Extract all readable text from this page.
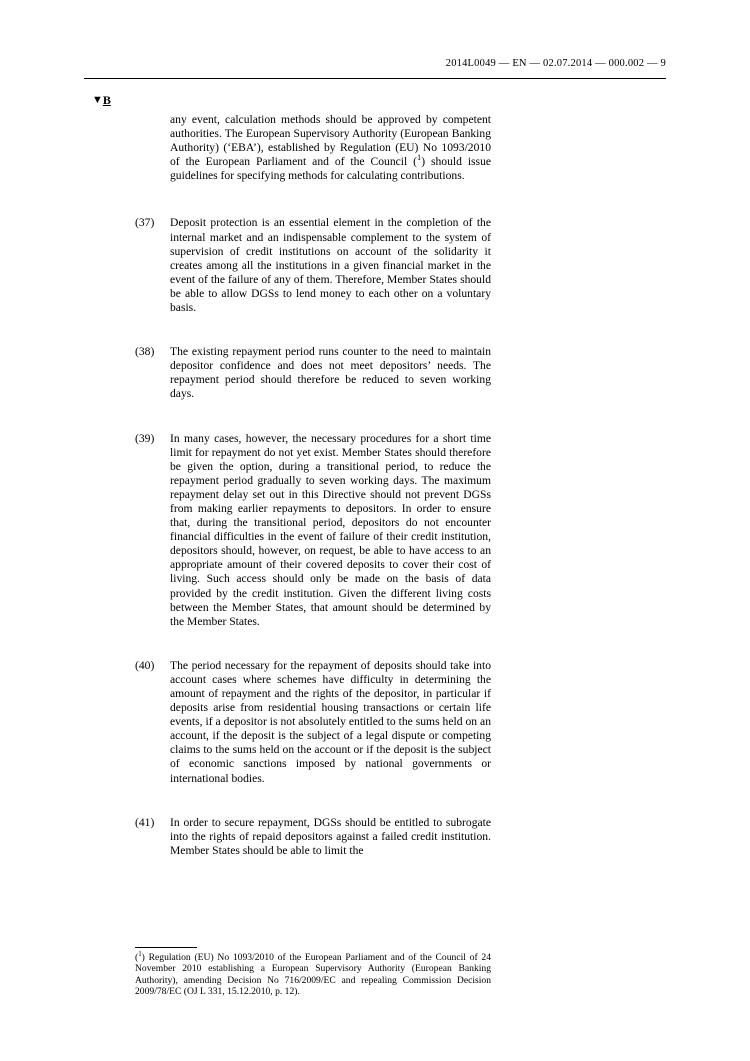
2014L0049 — EN — 02.07.2014 — 000.002 — 9
▼B
any event, calculation methods should be approved by competent authorities. The European Supervisory Authority (European Banking Authority) (‘EBA’), established by Regulation (EU) No 1093/2010 of the European Parliament and of the Council ($^1$) should issue guidelines for specifying methods for calculating contributions.
(37)	Deposit protection is an essential element in the completion of the internal market and an indispensable complement to the system of supervision of credit institutions on account of the solidarity it creates among all the institutions in a given financial market in the event of the failure of any of them. Therefore, Member States should be able to allow DGSs to lend money to each other on a voluntary basis.
(38)	The existing repayment period runs counter to the need to maintain depositor confidence and does not meet depositors’ needs. The repayment period should therefore be reduced to seven working days.
(39)	In many cases, however, the necessary procedures for a short time limit for repayment do not yet exist. Member States should therefore be given the option, during a transitional period, to reduce the repayment period gradually to seven working days. The maximum repayment delay set out in this Directive should not prevent DGSs from making earlier repayments to depositors. In order to ensure that, during the transitional period, depositors do not encounter financial difficulties in the event of failure of their credit institution, depositors should, however, on request, be able to have access to an appropriate amount of their covered deposits to cover their cost of living. Such access should only be made on the basis of data provided by the credit institution. Given the different living costs between the Member States, that amount should be determined by the Member States.
(40)	The period necessary for the repayment of deposits should take into account cases where schemes have difficulty in determining the amount of repayment and the rights of the depositor, in particular if deposits arise from residential housing transactions or certain life events, if a depositor is not absolutely entitled to the sums held on an account, if the deposit is the subject of a legal dispute or competing claims to the sums held on the account or if the deposit is the subject of economic sanctions imposed by national governments or international bodies.
(41)	In order to secure repayment, DGSs should be entitled to subrogate into the rights of repaid depositors against a failed credit institution. Member States should be able to limit the
($^1$) Regulation (EU) No 1093/2010 of the European Parliament and of the Council of 24 November 2010 establishing a European Supervisory Authority (European Banking Authority), amending Decision No 716/2009/EC and repealing Commission Decision 2009/78/EC (OJ L 331, 15.12.2010, p. 12).
